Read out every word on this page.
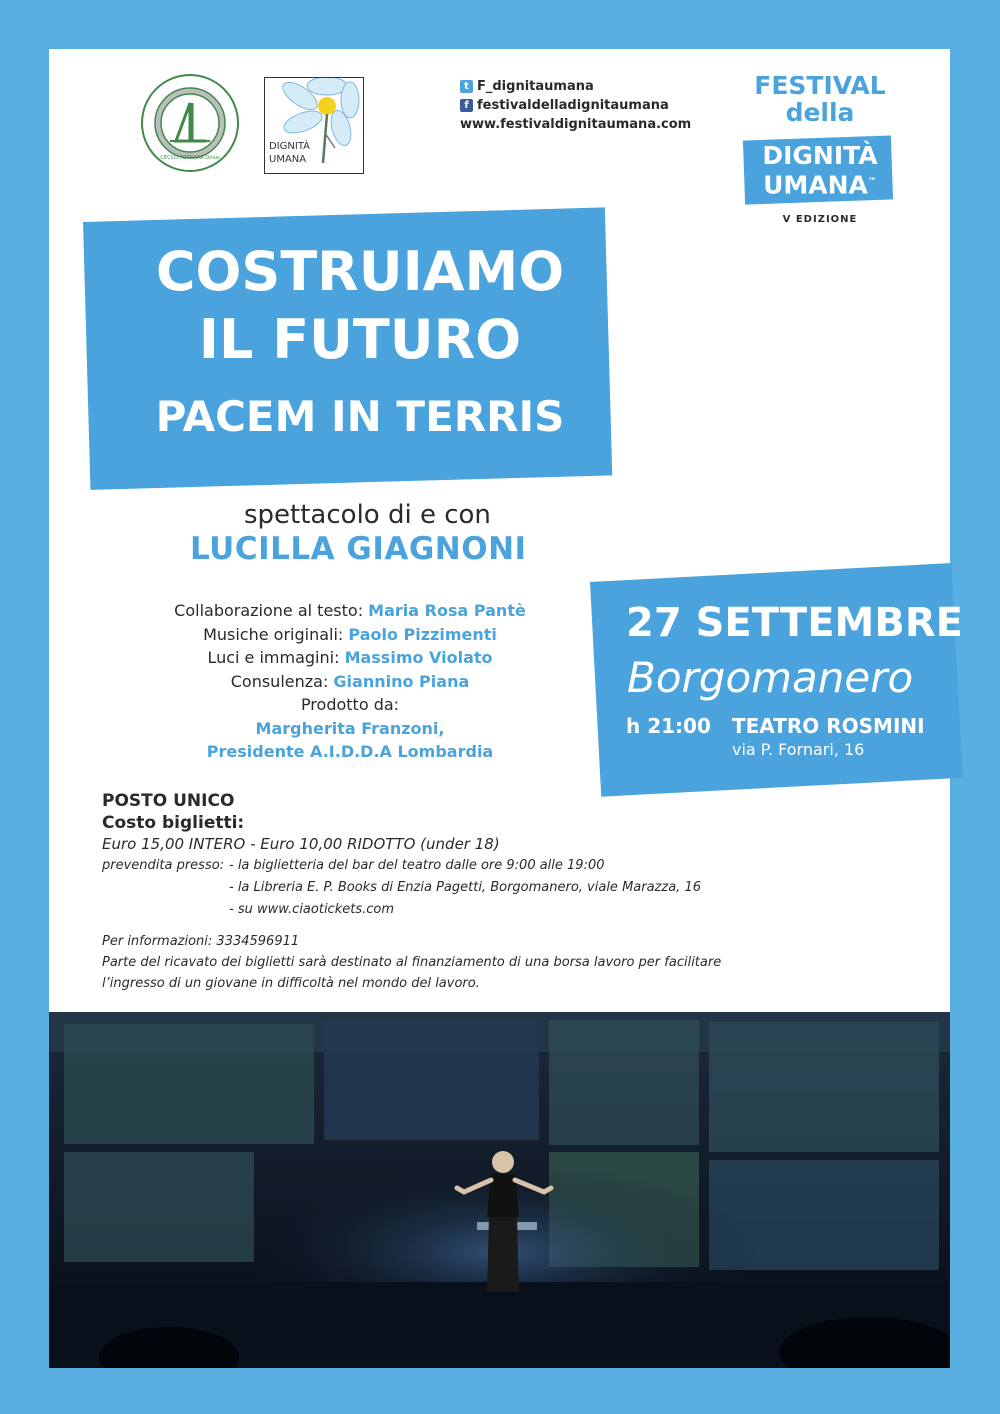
CECCO FORNARA Onlus
DIGNITÀ
UMANA
t F_dignitaumana
f festivaldelladignitaumana
www.festivaldignitaumana.com
FESTIVAL
della
DIGNITÀ
UMANA™
V EDIZIONE
COSTRUIAMO
IL FUTURO
PACEM IN TERRIS
spettacolo di e con
LUCILLA GIAGNONI
Collaborazione al testo: Maria Rosa Pantè
Musiche originali: Paolo Pizzimenti
Luci e immagini: Massimo Violato
Consulenza: Giannino Piana
Prodotto da:
Margherita Franzoni,
Presidente A.I.D.D.A Lombardia
27 SETTEMBRE
Borgomanero
h 21:00 TEATRO ROSMINI
via P. Fornari, 16
POSTO UNICO
Costo biglietti:
Euro 15,00 INTERO - Euro 10,00 RIDOTTO (under 18)
prevendita presso: - la biglietteria del bar del teatro dalle ore 9:00 alle 19:00
- la Libreria E. P. Books di Enzia Pagetti, Borgomanero, viale Marazza, 16
- su www.ciaotickets.com
Per informazioni: 3334596911
Parte del ricavato dei biglietti sarà destinato al finanziamento di una borsa lavoro per facilitare
l’ingresso di un giovane in difficoltà nel mondo del lavoro.
